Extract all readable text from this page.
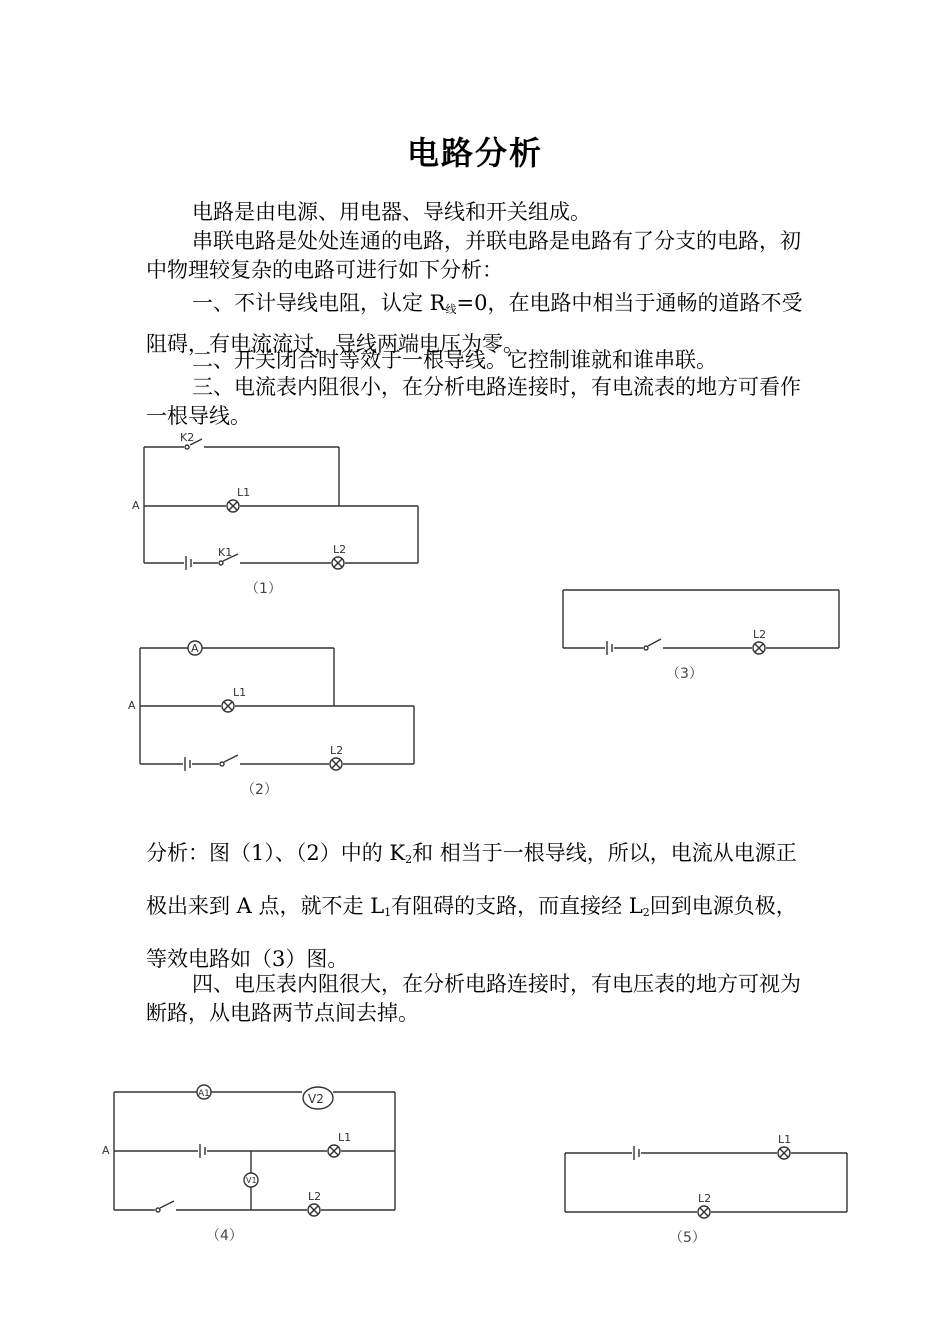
电路分析
电路是由电源、用电器、导线和开关组成。
串联电路是处处连通的电路，并联电路是电路有了分支的电路，初中物理较复杂的电路可进行如下分析：
一、不计导线电阻，认定 $R_线=0$，在电路中相当于通畅的道路不受阻碍，有电流流过，导线两端电压为零。
二、开关闭合时等效于一根导线。它控制谁就和谁串联。
三、电流表内阻很小，在分析电路连接时，有电流表的地方可看作一根导线。
分析：图（1）、（2）中的 $K_2$和 相当于一根导线，所以，电流从电源正极出来到 A 点，就不走 $L_1$有阻碍的支路，而直接经 $L_2$回到电源负极，等效电路如（3）图。
四、电压表内阻很大，在分析电路连接时，有电压表的地方可视为断路，从电路两节点间去掉。
A
K2
L1
K1	L2
（1）
A
A
L1
L2
（2）
L2
（3）
A1	V2
V1
A
L1
L2
（4）
L1
L2
（5）
